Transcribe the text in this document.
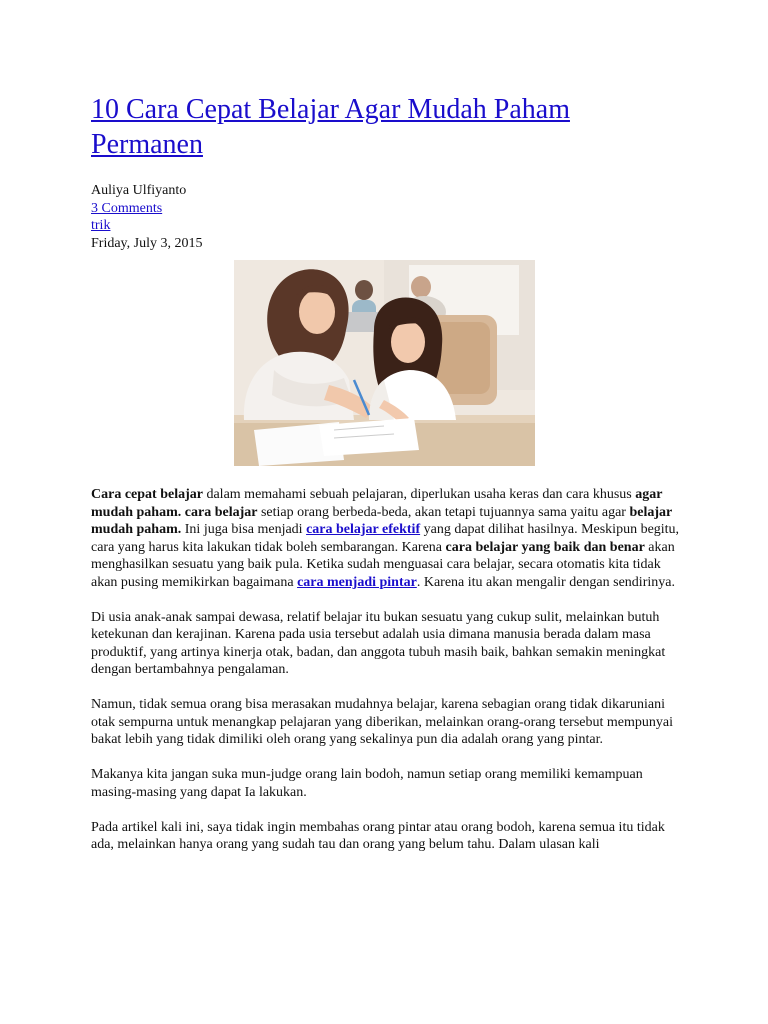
10 Cara Cepat Belajar Agar Mudah Paham Permanen
Auliya Ulfiyanto
3 Comments
trik
Friday, July 3, 2015

Cara cepat belajar dalam memahami sebuah pelajaran, diperlukan usaha keras dan cara khusus agar mudah paham. cara belajar setiap orang berbeda-beda, akan tetapi tujuannya sama yaitu agar belajar mudah paham. Ini juga bisa menjadi cara belajar efektif yang dapat dilihat hasilnya. Meskipun begitu, cara yang harus kita lakukan tidak boleh sembarangan. Karena cara belajar yang baik dan benar akan menghasilkan sesuatu yang baik pula. Ketika sudah menguasai cara belajar, secara otomatis kita tidak akan pusing memikirkan bagaimana cara menjadi pintar. Karena itu akan mengalir dengan sendirinya.

Di usia anak-anak sampai dewasa, relatif belajar itu bukan sesuatu yang cukup sulit, melainkan butuh ketekunan dan kerajinan. Karena pada usia tersebut adalah usia dimana manusia berada dalam masa produktif, yang artinya kinerja otak, badan, dan anggota tubuh masih baik, bahkan semakin meningkat dengan bertambahnya pengalaman.

Namun, tidak semua orang bisa merasakan mudahnya belajar, karena sebagian orang tidak dikaruniani otak sempurna untuk menangkap pelajaran yang diberikan, melainkan orang-orang tersebut mempunyai bakat lebih yang tidak dimiliki oleh orang yang sekalinya pun dia adalah orang yang pintar.

Makanya kita jangan suka mun-judge orang lain bodoh, namun setiap orang memiliki kemampuan masing-masing yang dapat Ia lakukan.

Pada artikel kali ini, saya tidak ingin membahas orang pintar atau orang bodoh, karena semua itu tidak ada, melainkan hanya orang yang sudah tau dan orang yang belum tahu. Dalam ulasan kali
